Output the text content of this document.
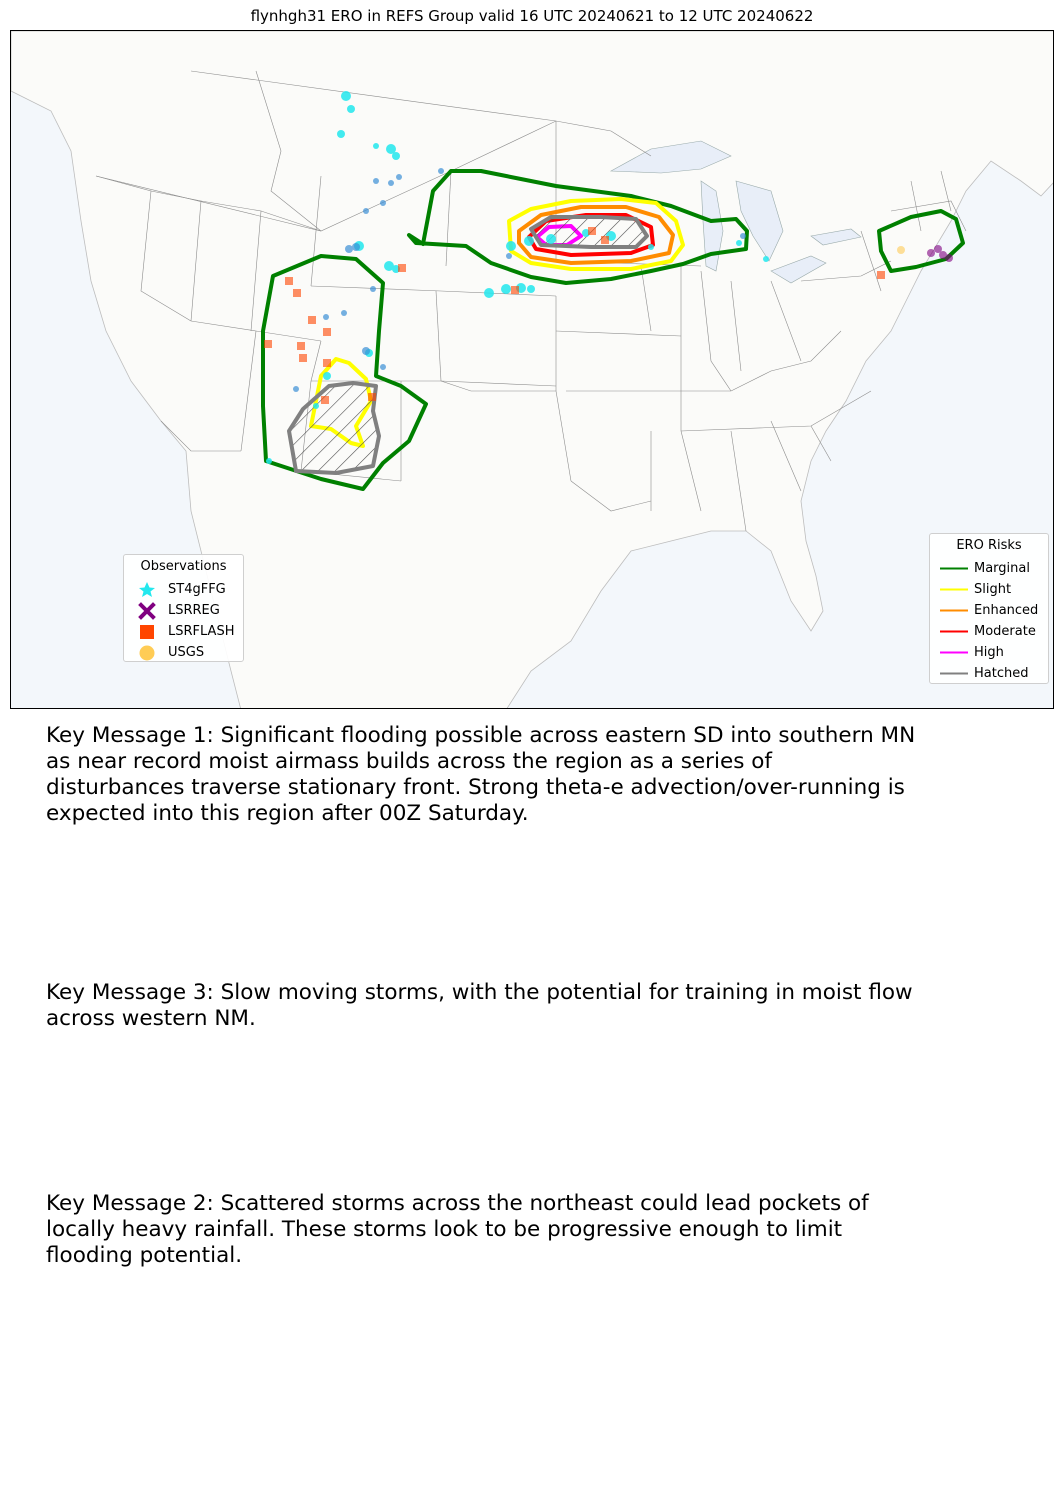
flynhgh31 ERO in REFS Group valid 16 UTC 20240621 to 12 UTC 20240622
Observations
ST4gFFG
LSRREG
LSRFLASH
USGS
ERO Risks
Marginal
Slight
Enhanced
Moderate
High
Hatched
Key Message 1: Significant flooding possible across eastern SD into southern MN
as near record moist airmass builds across the region as a series of
disturbances traverse stationary front. Strong theta-e advection/over-running is
expected into this region after 00Z Saturday.
Key Message 3: Slow moving storms, with the potential for training in moist flow
across western NM.
Key Message 2: Scattered storms across the northeast could lead pockets of
locally heavy rainfall. These storms look to be progressive enough to limit
flooding potential.
